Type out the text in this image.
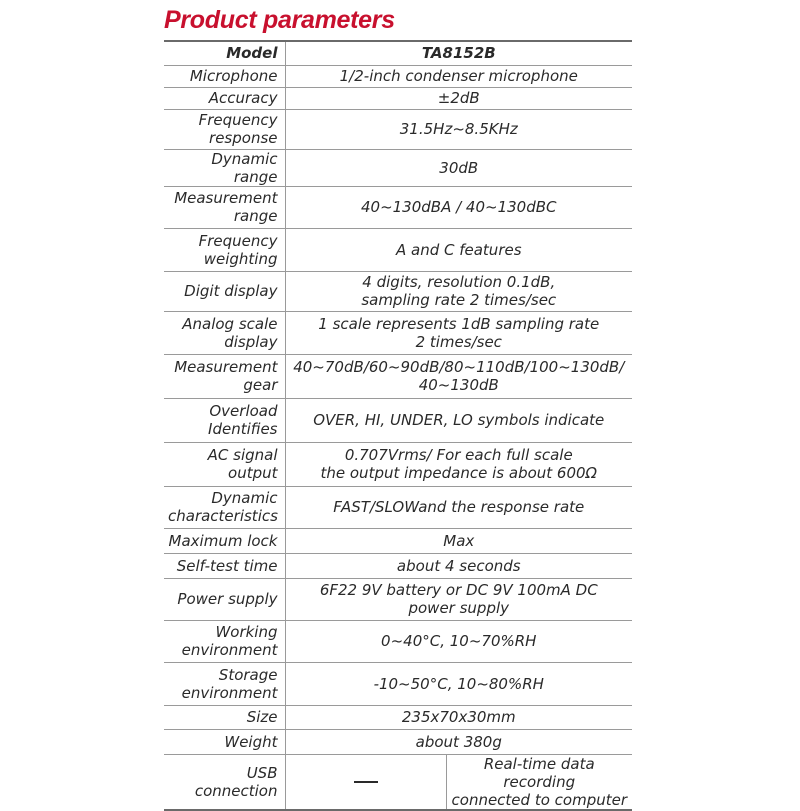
Product parameters
Model	TA8152B	
Microphone	1/2-inch condenser microphone	
Accuracy	±2dB	
Frequency
response	31.5Hz~8.5KHz	
Dynamic range	30dB	
Measurement
range	40~130dBA / 40~130dBC	
Frequency
weighting	A and C features	
Digit display	4 digits, resolution 0.1dB,
sampling rate 2 times/sec	
Analog scale
display	1 scale represents 1dB sampling rate
2 times/sec	
Measurement
gear	40~70dB/60~90dB/80~110dB/100~130dB/
40~130dB	
Overload
Identifies	OVER, HI, UNDER, LO symbols indicate	
AC signal
output	0.707Vrms/ For each full scale
the output impedance is about 600Ω	
Dynamic
characteristics	FAST/SLOWand the response rate	
Maximum lock	Max	
Self-test time	about 4 seconds	
Power supply	6F22 9V battery or DC 9V 100mA DC
power supply	
Working
environment	0~40°C, 10~70%RH	
Storage
environment	-10~50°C, 10~80%RH	
Size	235x70x30mm	
Weight	about 380g	
USB connection		Real-time data recording
connected to computer
